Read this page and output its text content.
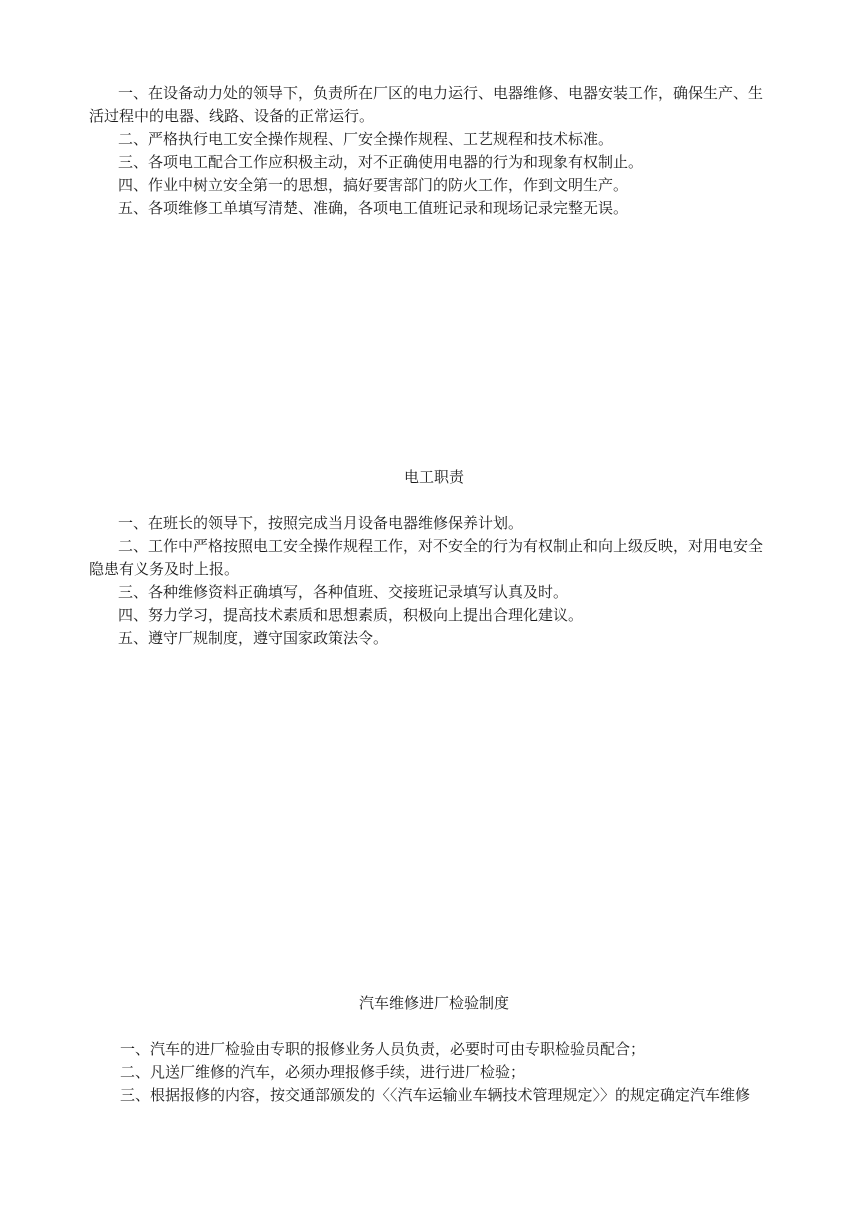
一、在设备动力处的领导下，负责所在厂区的电力运行、电器维修、电器安装工作，确保生产、生

活过程中的电器、线路、设备的正常运行。

二、严格执行电工安全操作规程、厂安全操作规程、工艺规程和技术标准。

三、各项电工配合工作应积极主动，对不正确使用电器的行为和现象有权制止。

四、作业中树立安全第一的思想，搞好要害部门的防火工作，作到文明生产。

五、各项维修工单填写清楚、准确，各项电工值班记录和现场记录完整无误。

电工职责

一、在班长的领导下，按照完成当月设备电器维修保养计划。

二、工作中严格按照电工安全操作规程工作，对不安全的行为有权制止和向上级反映，对用电安全

隐患有义务及时上报。

三、各种维修资料正确填写，各种值班、交接班记录填写认真及时。

四、努力学习，提高技术素质和思想素质，积极向上提出合理化建议。

五、遵守厂规制度，遵守国家政策法令。

汽车维修进厂检验制度

一、汽车的进厂检验由专职的报修业务人员负责，必要时可由专职检验员配合；

二、凡送厂维修的汽车，必须办理报修手续，进行进厂检验；

三、根据报修的内容，按交通部颁发的〈〈汽车运输业车辆技术管理规定〉〉的规定确定汽车维修
